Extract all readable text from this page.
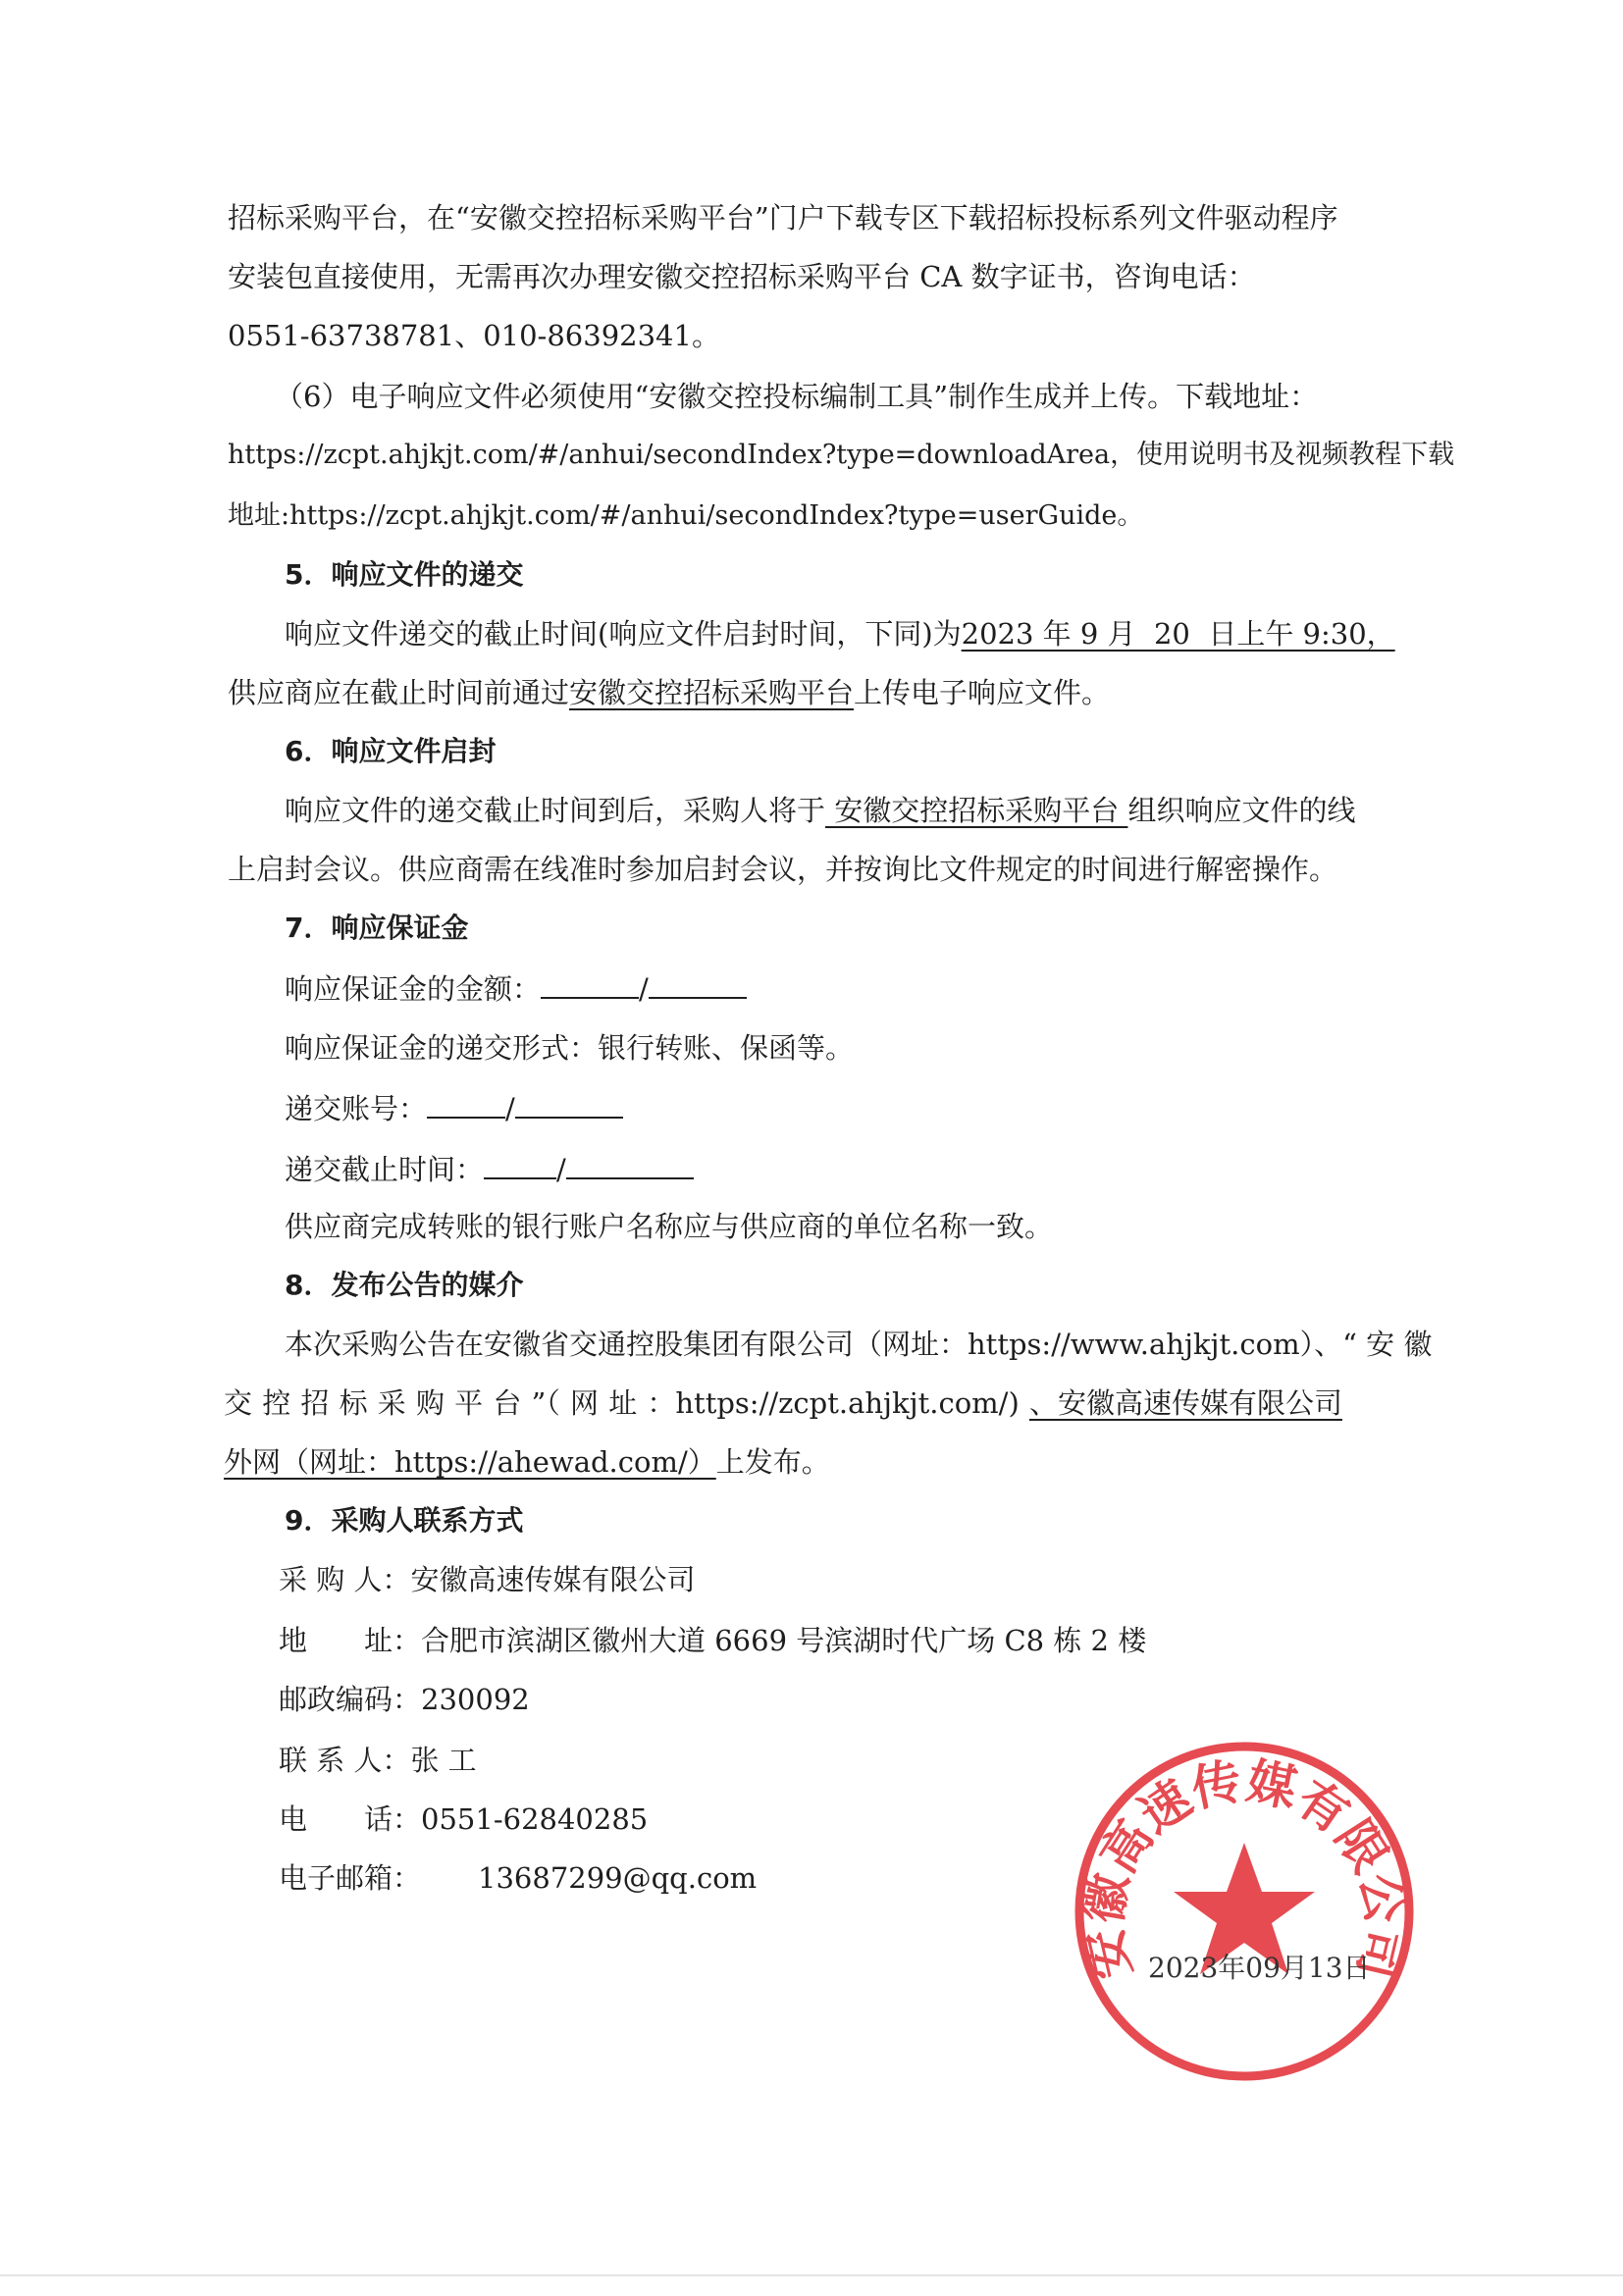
招标采购平台，在“安徽交控招标采购平台”门户下载专区下载招标投标系列文件驱动程序
安装包直接使用，无需再次办理安徽交控招标采购平台 CA 数字证书，咨询电话：
0551-63738781、010-86392341。
（6）电子响应文件必须使用“安徽交控投标编制工具”制作生成并上传。下载地址：
https://zcpt.ahjkjt.com/#/anhui/secondIndex?type=downloadArea，使用说明书及视频教程下载
地址:https://zcpt.ahjkjt.com/#/anhui/secondIndex?type=userGuide。
5．响应文件的递交
响应文件递交的截止时间(响应文件启封时间，下同)为2023 年 9 月  20  日上午 9:30，
供应商应在截止时间前通过安徽交控招标采购平台上传电子响应文件。
6．响应文件启封
响应文件的递交截止时间到后，采购人将于 安徽交控招标采购平台 组织响应文件的线
上启封会议。供应商需在线准时参加启封会议，并按询比文件规定的时间进行解密操作。
7．响应保证金
响应保证金的金额：	/
响应保证金的递交形式：银行转账、保函等。
递交账号：	/
递交截止时间：	/
供应商完成转账的银行账户名称应与供应商的单位名称一致。
8．发布公告的媒介
本次采购公告在安徽省交通控股集团有限公司（网址：https://www.ahjkjt.com）、“ 安 徽
交 控 招 标 采 购 平 台 ”（ 网 址 ：https://zcpt.ahjkjt.com/) 、安徽高速传媒有限公司
外网（网址：https://ahewad.com/）上发布。
9．采购人联系方式
采 购 人：安徽高速传媒有限公司
地　　址：合肥市滨湖区徽州大道 6669 号滨湖时代广场 C8 栋 2 楼
邮政编码：230092
联 系 人：张 工
电　　话：0551-62840285
电子邮箱： 13687299@qq.com
安徽高速传媒有限公司
2023年09月13日
